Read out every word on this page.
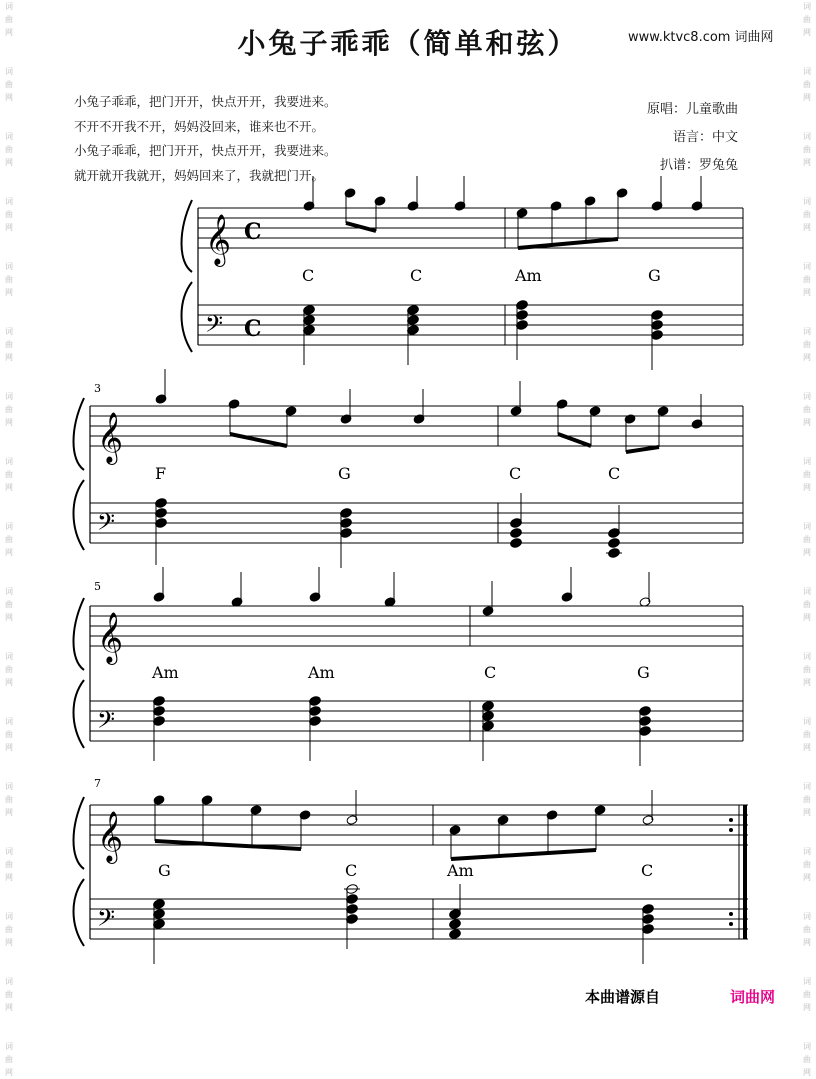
词
曲
网

词
曲
网

词
曲
网

词
曲
网

词
曲
网

词
曲
网

词
曲
网

词
曲
网

词
曲
网

词
曲
网

词
曲
网

词
曲
网

词
曲
网

词
曲
网

词
曲
网

词
曲
网

词
曲
网
词
曲
网

词
曲
网

词
曲
网

词
曲
网

词
曲
网

词
曲
网

词
曲
网

词
曲
网

词
曲
网

词
曲
网

词
曲
网

词
曲
网

词
曲
网

词
曲
网

词
曲
网

词
曲
网

词
曲
网
小兔子乖乖（简单和弦）	www.ktvc8.com 词曲网
小兔子乖乖，把门开开，快点开开，我要进来。
不开不开我不开，妈妈没回来，谁来也不开。
小兔子乖乖，把门开开，快点开开，我要进来。
就开就开我就开，妈妈回来了，我就把门开。
原唱：儿童歌曲
语言：中文
扒谱：罗兔兔
𝄞
𝄢
C
C
C	C	Am	G
3
𝄞
𝄢
F	G	C	C
5
𝄞
𝄢
Am	Am	C	G
7
𝄞
𝄢
G	C	Am	C
本曲谱源自	词曲网
